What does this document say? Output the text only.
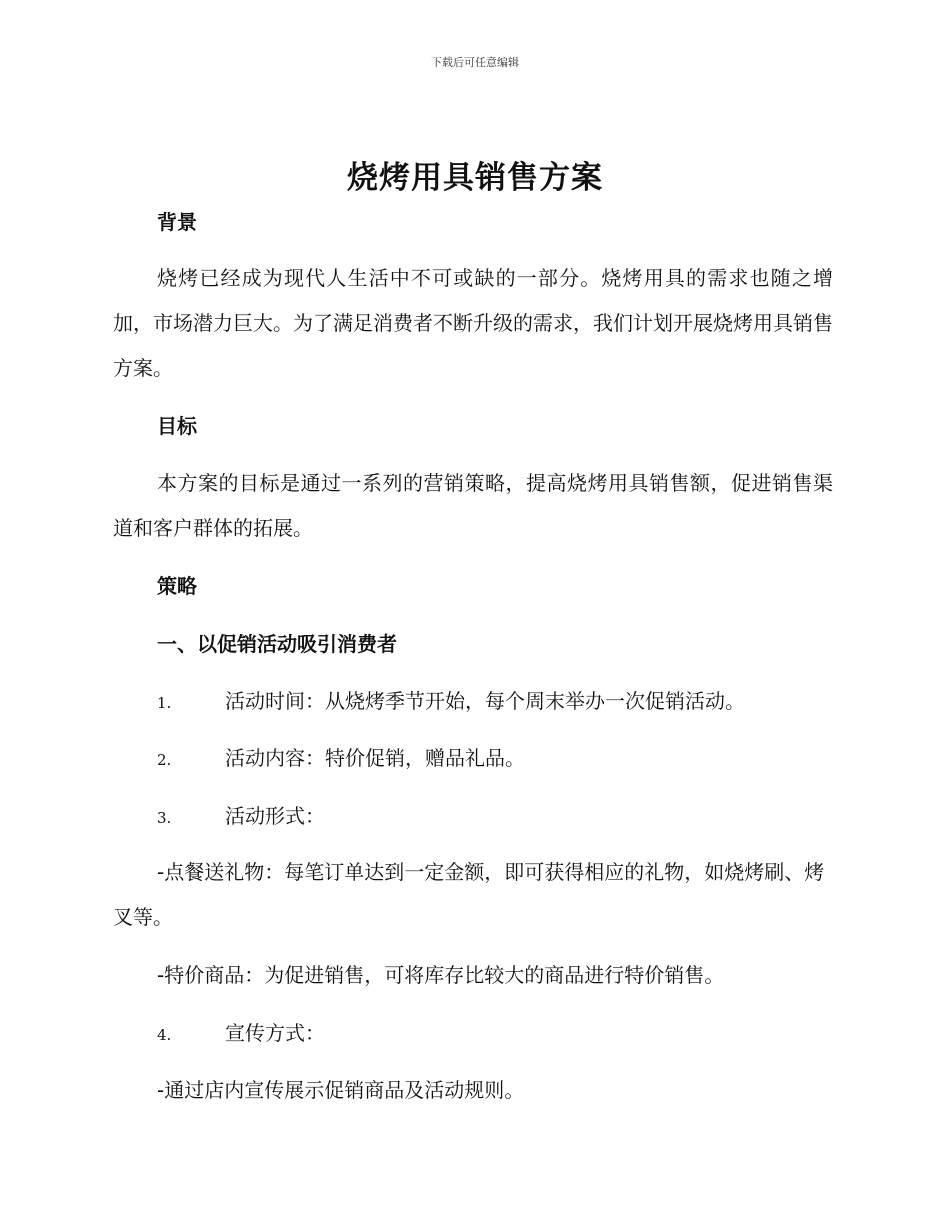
下载后可任意编辑
烧烤用具销售方案
背景

烧烤已经成为现代人生活中不可或缺的一部分。烧烤用具的需求也随之增加，市场潜力巨大。为了满足消费者不断升级的需求，我们计划开展烧烤用具销售方案。

目标

本方案的目标是通过一系列的营销策略，提高烧烤用具销售额，促进销售渠道和客户群体的拓展。

策略
一、以促销活动吸引消费者

1.	活动时间：从烧烤季节开始，每个周末举办一次促销活动。

2.	活动内容：特价促销，赠品礼品。

3.	活动形式：

-点餐送礼物：每笔订单达到一定金额，即可获得相应的礼物，如烧烤刷、烤叉等。

-特价商品：为促进销售，可将库存比较大的商品进行特价销售。

4.	宣传方式：

-通过店内宣传展示促销商品及活动规则。
